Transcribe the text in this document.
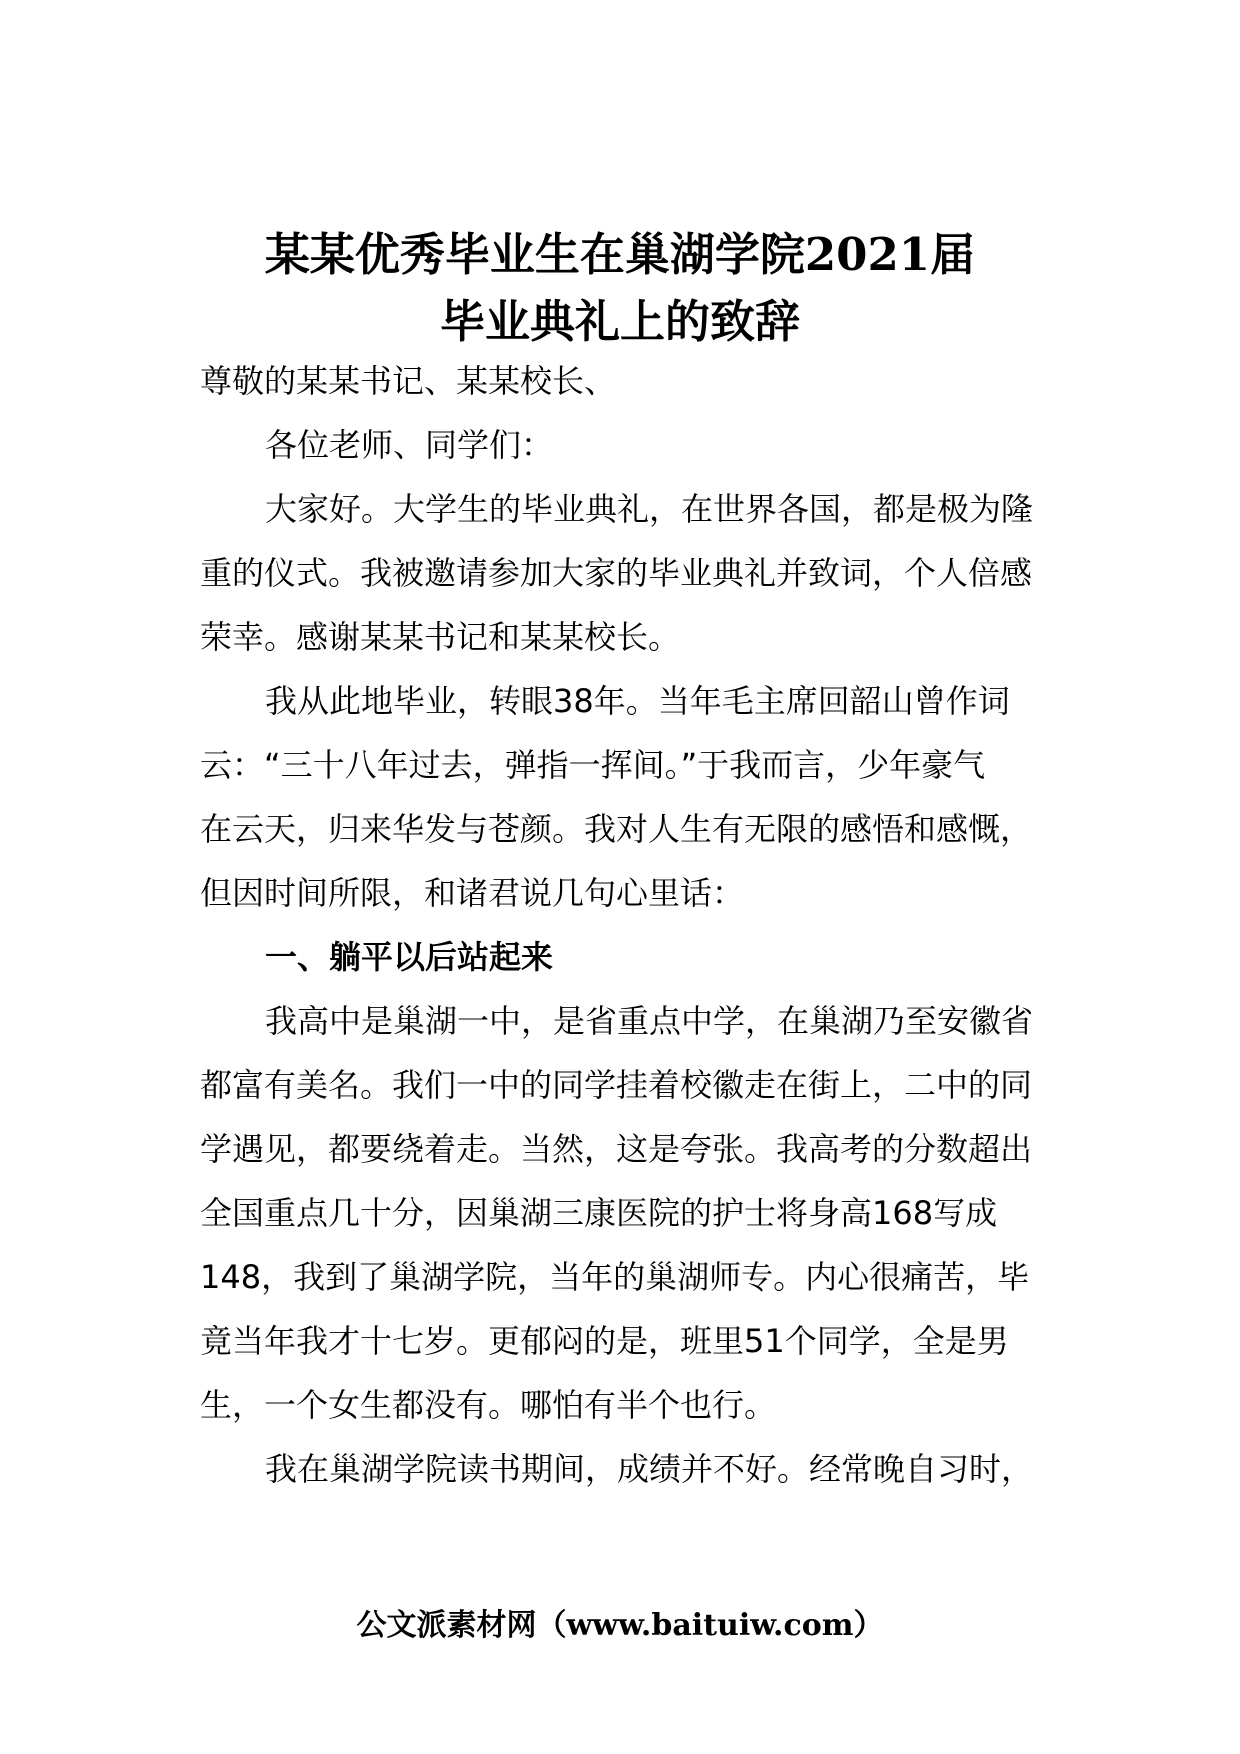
某某优秀毕业生在巢湖学院2021届
毕业典礼上的致辞
尊敬的某某书记、某某校长、
各位老师、同学们：
大家好。大学生的毕业典礼，在世界各国，都是极为隆
重的仪式。我被邀请参加大家的毕业典礼并致词，个人倍感
荣幸。感谢某某书记和某某校长。
我从此地毕业，转眼38年。当年毛主席回韶山曾作词
云：“三十八年过去，弹指一挥间。”于我而言，少年豪气
在云天，归来华发与苍颜。我对人生有无限的感悟和感慨，
但因时间所限，和诸君说几句心里话：
一、躺平以后站起来
我高中是巢湖一中，是省重点中学，在巢湖乃至安徽省
都富有美名。我们一中的同学挂着校徽走在街上，二中的同
学遇见，都要绕着走。当然，这是夸张。我高考的分数超出
全国重点几十分，因巢湖三康医院的护士将身高168写成
148，我到了巢湖学院，当年的巢湖师专。内心很痛苦，毕
竟当年我才十七岁。更郁闷的是，班里51个同学，全是男
生，一个女生都没有。哪怕有半个也行。
我在巢湖学院读书期间，成绩并不好。经常晚自习时，
公文派素材网（www.baituiw.com）
